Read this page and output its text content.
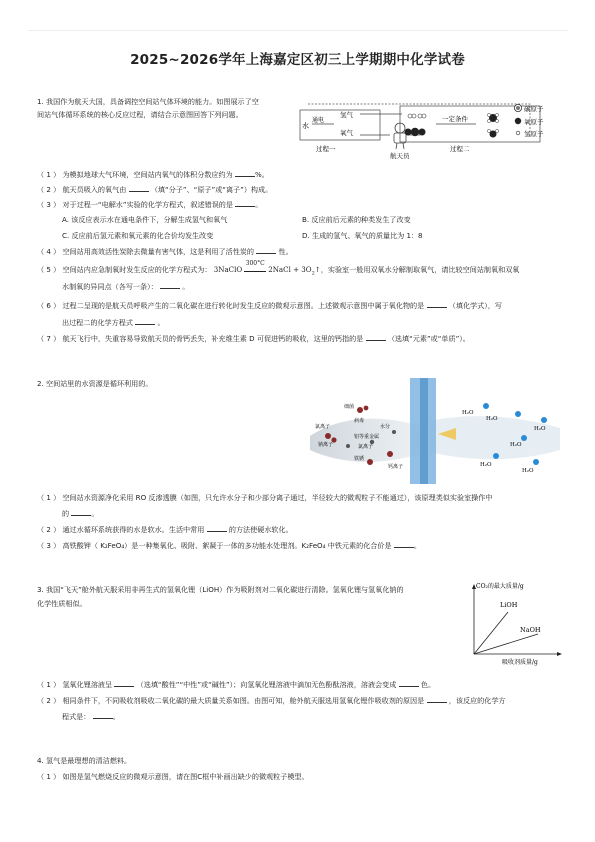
2025~2026学年上海嘉定区初三上学期期中化学试卷
1. 我国作为航天大国，具备调控空间站气体环境的能力。如图展示了空
间站气体循环系统的核心反应过程，请结合示意图回答下列问题。
水
通电
氢气
氧气
过程一
航天员
一定条件
过程二
碳原子
氧原子
氢原子
（ 1 ） 为模拟地球大气环境，空间站内氧气的体积分数应约为	%。
（ 2 ） 航天员吸入的氧气由	（填“分子”、“原子”或“离子”）构成。
（ 3 ） 对于过程一“电解水”实验的化学方程式，叙述错误的是	。
A. 该反应表示水在通电条件下，分解生成氢气和氧气	B. 反应前后元素的种类发生了改变
C. 反应前后氢元素和氧元素的化合价均发生改变	D. 生成的氢气、氧气的质量比为 1：8
（ 4 ） 空间站用高效活性炭除去微量有害气体，这是利用了活性炭的	性。
（ 5 ） 空间站内应急制氧时发生反应的化学方程式为： 3NaClO
300°C
2NaCl + $3O_2↑$，实验室一般用双氧水分解制取氧气，请比较空间站制氧和双氧
水制氧的异同点（各写一条）：	。
（ 6 ） 过程二呈现的是航天员呼吸产生的二氧化碳在进行转化时发生反应的微观示意图。上述微观示意图中属于氧化物的是	（填化学式），写
出过程二的化学方程式	。
（ 7 ） 航天飞行中，失重容易导致航天员的骨钙丢失，补充维生素 D 可促进钙的吸收，这里的钙指的是	（选填“元素”或“单质”）。
2. 空间站里的水资源是循环利用的。
细菌
病毒
氯离子	水分
铝等重金属
钠离子	氯离子
铁锈
钙离子
H₂O
H₂O
H₂O
H₂O
H₂O
H₂O
（ 1 ） 空间站水资源净化采用 RO 反渗透膜（如图，只允许水分子和少部分离子通过，半径较大的微观粒子不能通过），该原理类似实验室操作中
的	。
（ 2 ） 通过水循环系统获得的水是软水。生活中常用	的方法使硬水软化。
（ 3 ） 高铁酸钾（ K₂FeO₄）是一种集氧化、吸附、絮凝于一体的多功能水处理剂。K₂FeO₄ 中铁元素的化合价是	。
3. 我国“飞天”舱外航天服采用非再生式的氢氧化锂（LiOH）作为吸附剂对二氧化碳进行清除。氢氧化锂与氢氧化钠的
化学性质相似。
CO₂的最大质量/g
吸收剂质量/g
LiOH
NaOH
（ 1 ） 氢氧化锂溶液呈	（选填“酸性”“中性”或“碱性”）；向氢氧化锂溶液中滴加无色酚酞溶液，溶液会变成	色。
（ 2 ） 相同条件下，不同吸收剂吸收二氧化碳的最大质量关系如图。由图可知，舱外航天服选用氢氧化锂作吸收剂的原因是	，该反应的化学方
程式是：	。
4. 氢气是最理想的清洁燃料。
（ 1 ） 如图是氢气燃烧反应的微观示意图，请在图C框中补画出缺少的微观粒子模型。
